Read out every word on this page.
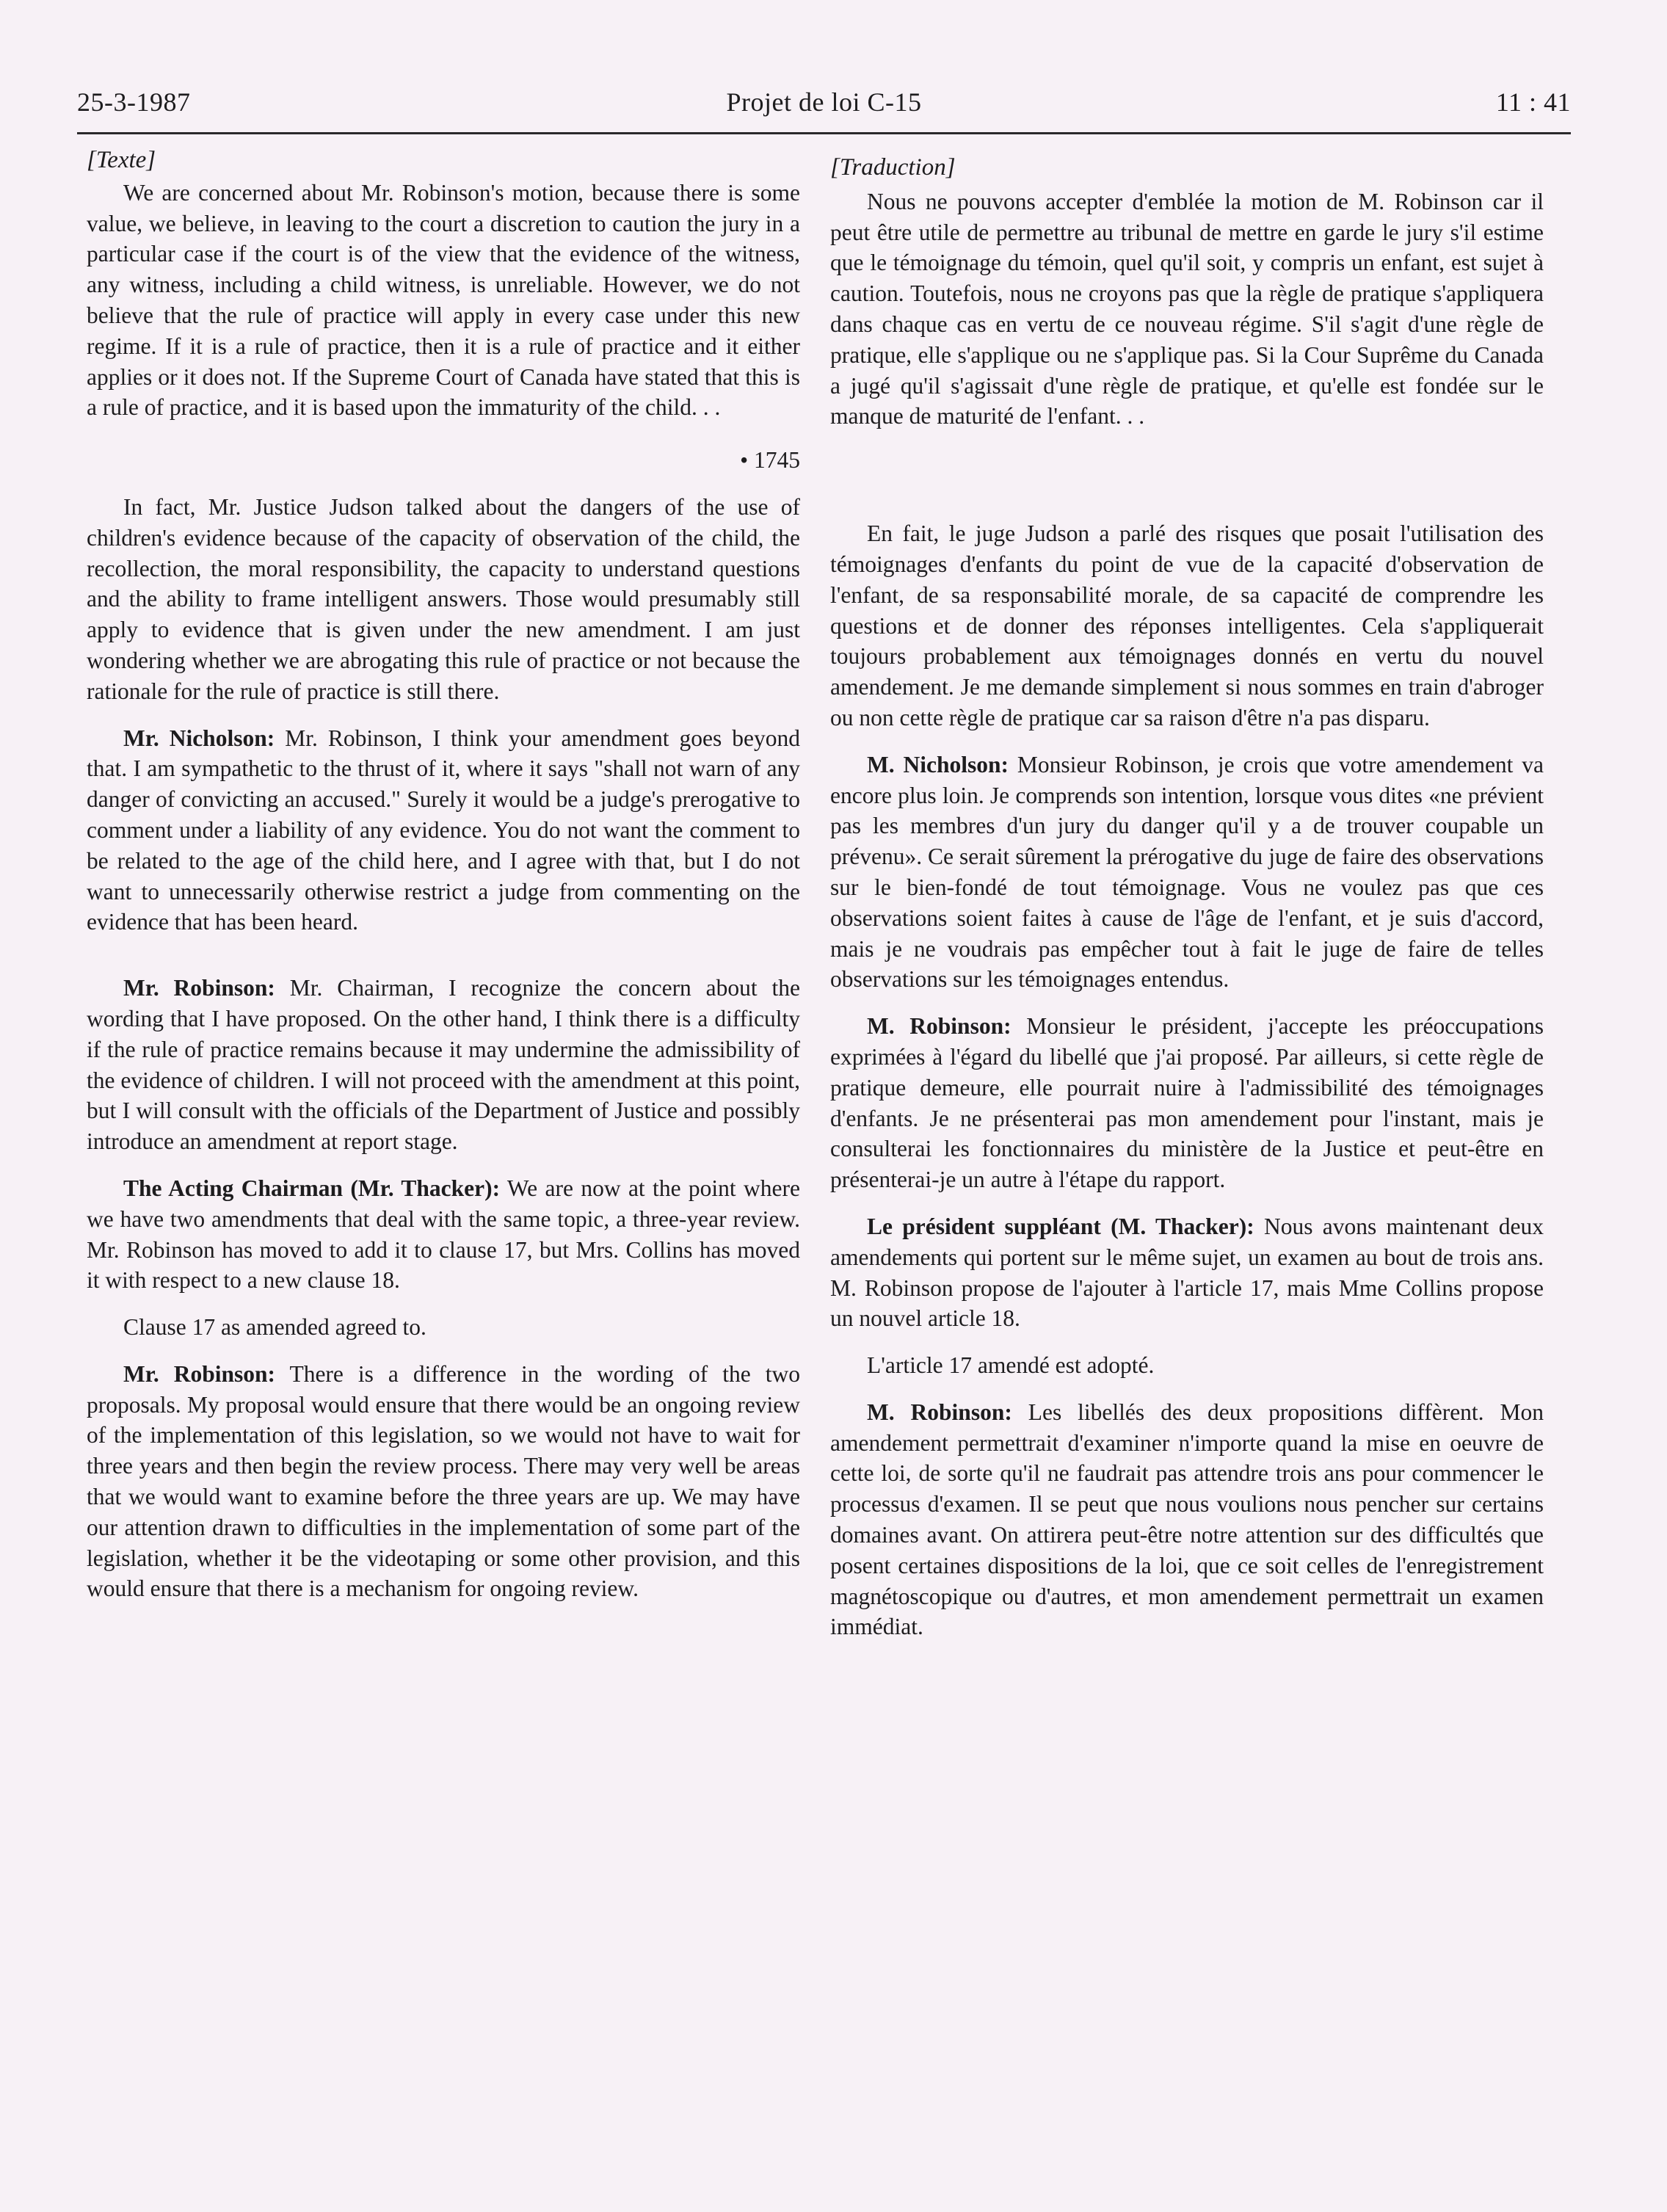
25-3-1987	Projet de loi C-15	11 : 41
[Texte]

We are concerned about Mr. Robinson's motion, because there is some value, we believe, in leaving to the court a discretion to caution the jury in a particular case if the court is of the view that the evidence of the witness, any witness, including a child witness, is unreliable. However, we do not believe that the rule of practice will apply in every case under this new regime. If it is a rule of practice, then it is a rule of practice and it either applies or it does not. If the Supreme Court of Canada have stated that this is a rule of practice, and it is based upon the immaturity of the child. . .

• 1745

In fact, Mr. Justice Judson talked about the dangers of the use of children's evidence because of the capacity of observation of the child, the recollection, the moral responsibility, the capacity to understand questions and the ability to frame intelligent answers. Those would presumably still apply to evidence that is given under the new amendment. I am just wondering whether we are abrogating this rule of practice or not because the rationale for the rule of practice is still there.

Mr. Nicholson: Mr. Robinson, I think your amendment goes beyond that. I am sympathetic to the thrust of it, where it says "shall not warn of any danger of convicting an accused." Surely it would be a judge's prerogative to comment under a liability of any evidence. You do not want the comment to be related to the age of the child here, and I agree with that, but I do not want to unnecessarily otherwise restrict a judge from commenting on the evidence that has been heard.

Mr. Robinson: Mr. Chairman, I recognize the concern about the wording that I have proposed. On the other hand, I think there is a difficulty if the rule of practice remains because it may undermine the admissibility of the evidence of children. I will not proceed with the amendment at this point, but I will consult with the officials of the Department of Justice and possibly introduce an amendment at report stage.

The Acting Chairman (Mr. Thacker): We are now at the point where we have two amendments that deal with the same topic, a three-year review. Mr. Robinson has moved to add it to clause 17, but Mrs. Collins has moved it with respect to a new clause 18.

Clause 17 as amended agreed to.

Mr. Robinson: There is a difference in the wording of the two proposals. My proposal would ensure that there would be an ongoing review of the implementation of this legislation, so we would not have to wait for three years and then begin the review process. There may very well be areas that we would want to examine before the three years are up. We may have our attention drawn to difficulties in the implementation of some part of the legislation, whether it be the videotaping or some other provision, and this would ensure that there is a mechanism for ongoing review.

[Traduction]

Nous ne pouvons accepter d'emblée la motion de M. Robinson car il peut être utile de permettre au tribunal de mettre en garde le jury s'il estime que le témoignage du témoin, quel qu'il soit, y compris un enfant, est sujet à caution. Toutefois, nous ne croyons pas que la règle de pratique s'appliquera dans chaque cas en vertu de ce nouveau régime. S'il s'agit d'une règle de pratique, elle s'applique ou ne s'applique pas. Si la Cour Suprême du Canada a jugé qu'il s'agissait d'une règle de pratique, et qu'elle est fondée sur le manque de maturité de l'enfant. . .

En fait, le juge Judson a parlé des risques que posait l'utilisation des témoignages d'enfants du point de vue de la capacité d'observation de l'enfant, de sa responsabilité morale, de sa capacité de comprendre les questions et de donner des réponses intelligentes. Cela s'appliquerait toujours probablement aux témoignages donnés en vertu du nouvel amendement. Je me demande simplement si nous sommes en train d'abroger ou non cette règle de pratique car sa raison d'être n'a pas disparu.

M. Nicholson: Monsieur Robinson, je crois que votre amendement va encore plus loin. Je comprends son intention, lorsque vous dites «ne prévient pas les membres d'un jury du danger qu'il y a de trouver coupable un prévenu». Ce serait sûrement la prérogative du juge de faire des observations sur le bien-fondé de tout témoignage. Vous ne voulez pas que ces observations soient faites à cause de l'âge de l'enfant, et je suis d'accord, mais je ne voudrais pas empêcher tout à fait le juge de faire de telles observations sur les témoignages entendus.

M. Robinson: Monsieur le président, j'accepte les préoccupations exprimées à l'égard du libellé que j'ai proposé. Par ailleurs, si cette règle de pratique demeure, elle pourrait nuire à l'admissibilité des témoignages d'enfants. Je ne présenterai pas mon amendement pour l'instant, mais je consulterai les fonctionnaires du ministère de la Justice et peut-être en présenterai-je un autre à l'étape du rapport.

Le président suppléant (M. Thacker): Nous avons maintenant deux amendements qui portent sur le même sujet, un examen au bout de trois ans. M. Robinson propose de l'ajouter à l'article 17, mais Mme Collins propose un nouvel article 18.

L'article 17 amendé est adopté.

M. Robinson: Les libellés des deux propositions diffèrent. Mon amendement permettrait d'examiner n'importe quand la mise en oeuvre de cette loi, de sorte qu'il ne faudrait pas attendre trois ans pour commencer le processus d'examen. Il se peut que nous voulions nous pencher sur certains domaines avant. On attirera peut-être notre attention sur des difficultés que posent certaines dispositions de la loi, que ce soit celles de l'enregistrement magnétoscopique ou d'autres, et mon amendement permettrait un examen immédiat.
